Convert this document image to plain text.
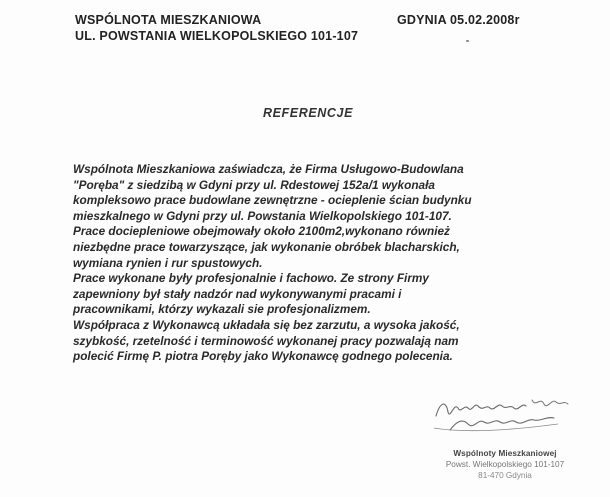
WSPÓLNOTA MIESZKANIOWA
UL. POWSTANIA WIELKOPOLSKIEGO 101-107
GDYNIA 05.02.2008r
REFERENCJE
Wspólnota Mieszkaniowa zaświadcza, że Firma Usługowo-Budowlana
"Poręba" z siedzibą w Gdyni przy ul. Rdestowej 152a/1 wykonała
kompleksowo prace budowlane zewnętrzne - ocieplenie ścian budynku
mieszkalnego w Gdyni przy ul. Powstania Wielkopolskiego 101-107.
Prace dociepleniowe obejmowały około 2100m2,wykonano również
niezbędne prace towarzyszące, jak wykonanie obróbek blacharskich,
wymiana rynien i rur spustowych.
Prace wykonane były profesjonalnie i fachowo. Ze strony Firmy
zapewniony był stały nadzór nad wykonywanymi pracami i
pracownikami, którzy wykazali sie profesjonalizmem.
Współpraca z Wykonawcą układała się bez zarzutu, a wysoka jakość,
szybkość, rzetelność i terminowość wykonanej pracy pozwalają nam
polecić Firmę P. piotra Poręby jako Wykonawcę godnego polecenia.
Wspólnoty Mieszkaniowej
Powst. Wielkopolskiego 101-107
81-470 Gdynia
